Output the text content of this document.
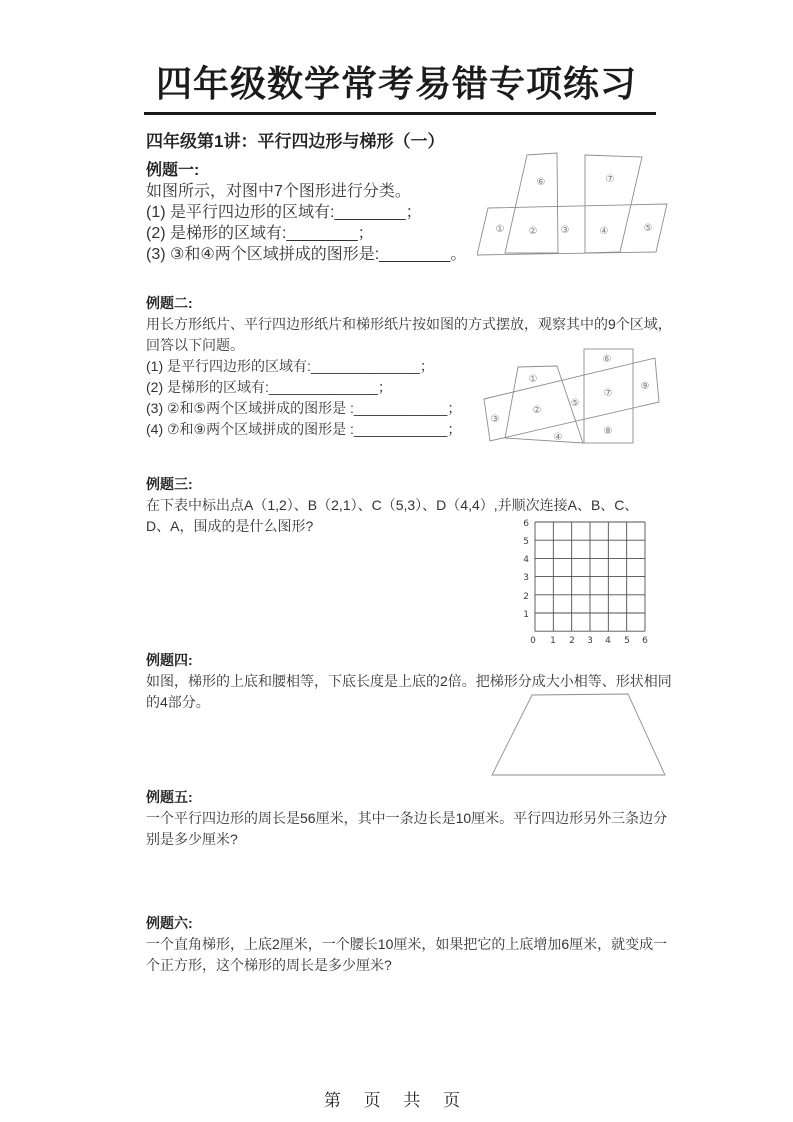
四年级数学常考易错专项练习
四年级第1讲：平行四边形与梯形（一）
例题一:
如图所示，对图中7个图形进行分类。
(1) 是平行四边形的区域有:________；
(2) 是梯形的区域有:________；
(3) ③和④两个区域拼成的图形是:________。
① ② ③	④	⑤
⑥	⑦
例题二:
用长方形纸片、平行四边形纸片和梯形纸片按如图的方式摆放，观察其中的9个区域，
回答以下问题。
(1) 是平行四边形的区域有:______________；
(2) 是梯形的区域有:______________；
(3) ②和⑤两个区域拼成的图形是 :____________；
(4) ⑦和⑨两个区域拼成的图形是 :____________；
①
②
③
④
⑤
⑥
⑦
⑧
⑨
例题三:
在下表中标出点A（1,2）、B（2,1）、C（5,3）、D（4,4）,并顺次连接A、B、C、
D、A，围成的是什么图形?
1
2
3
4
5
6
0 1 2 3 4 5 6
例题四:
如图，梯形的上底和腰相等，下底长度是上底的2倍。把梯形分成大小相等、形状相同
的4部分。
例题五:
一个平行四边形的周长是56厘米，其中一条边长是10厘米。平行四边形另外三条边分
别是多少厘米?
例题六:
一个直角梯形，上底2厘米，一个腰长10厘米，如果把它的上底增加6厘米，就变成一
个正方形，这个梯形的周长是多少厘米?
第 页 共 页
